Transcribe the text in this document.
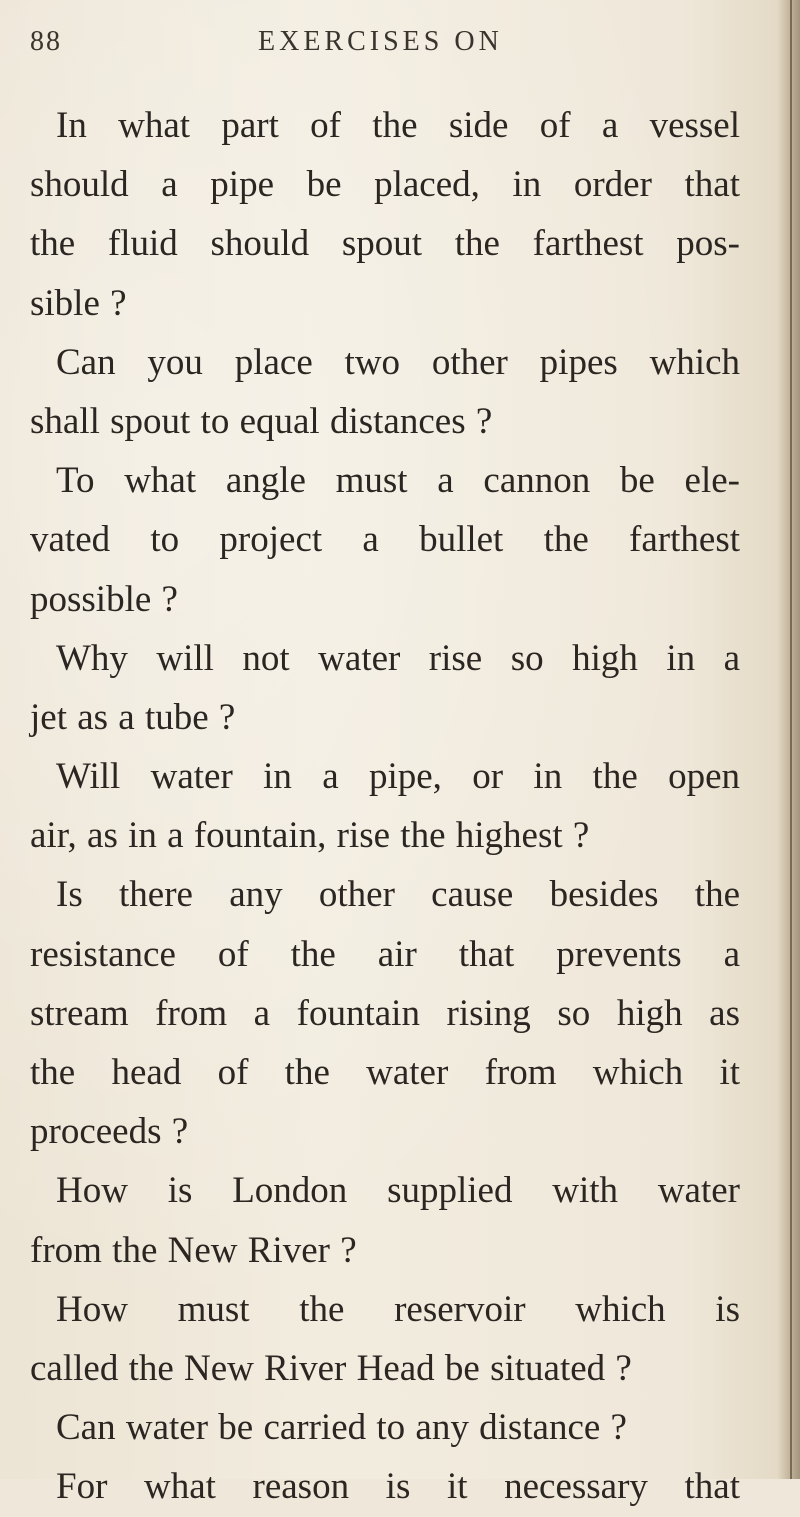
88	EXERCISES ON
In what part of the side of a vessel
should a pipe be placed, in order that
the fluid should spout the farthest pos-
sible ?
Can you place two other pipes which
shall spout to equal distances ?
To what angle must a cannon be ele-
vated to project a bullet the farthest
possible ?
Why will not water rise so high in a
jet as a tube ?
Will water in a pipe, or in the open
air, as in a fountain, rise the highest ?
Is there any other cause besides the
resistance of the air that prevents a
stream from a fountain rising so high as
the head of the water from which it
proceeds ?
How is London supplied with water
from the New River ?
How must the reservoir which is
called the New River Head be situated ?
Can water be carried to any distance ?
For what reason is it necessary that
